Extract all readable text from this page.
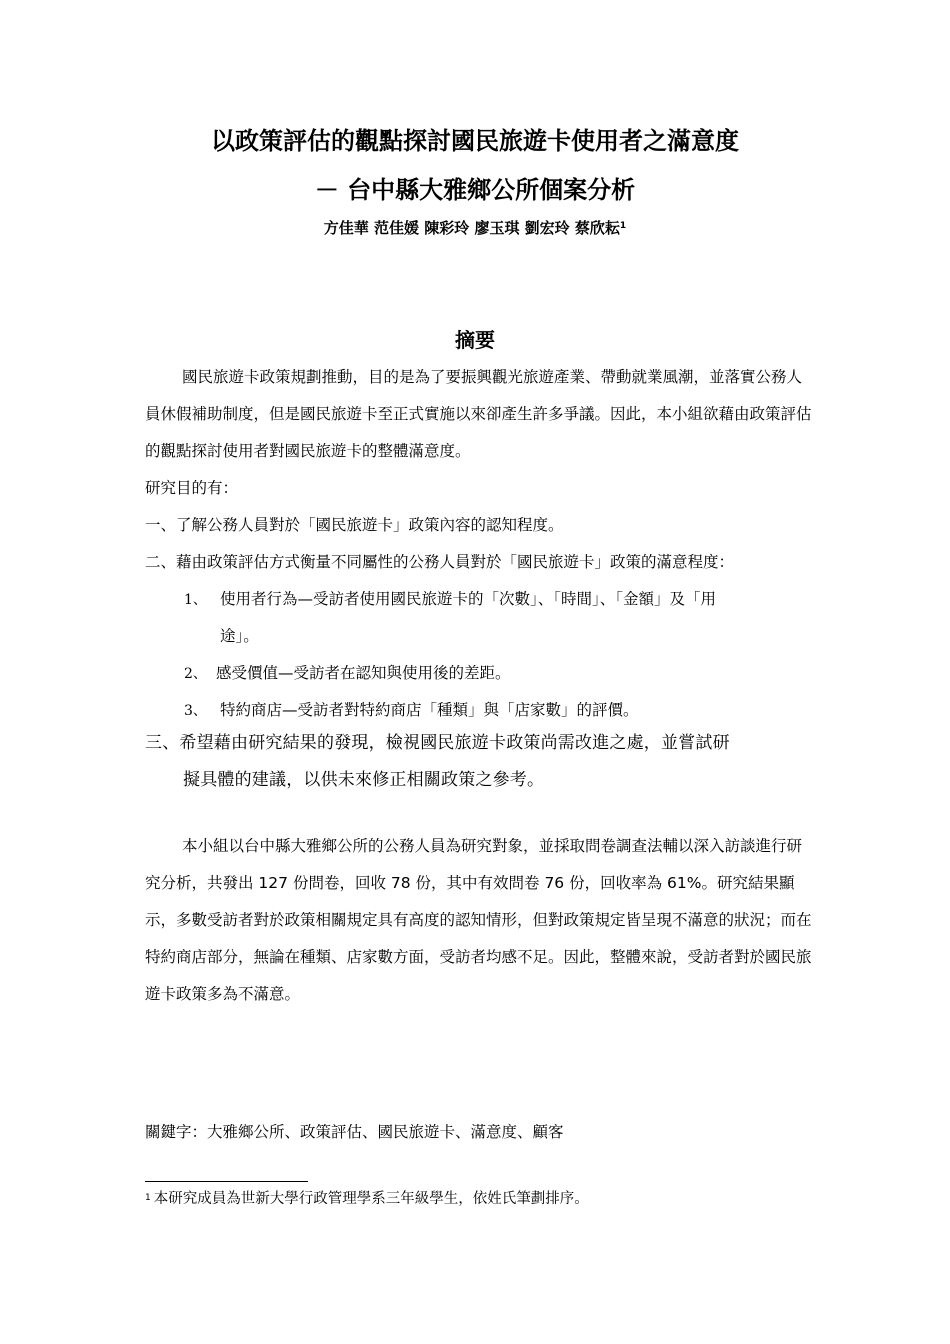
以政策評估的觀點探討國民旅遊卡使用者之滿意度
－ 台中縣大雅鄉公所個案分析
方佳華 范佳媛 陳彩玲 廖玉琪 劉宏玲 蔡欣耘$^1$
摘要
國民旅遊卡政策規劃推動，目的是為了要振興觀光旅遊產業、帶動就業風潮，並落實公務人員休假補助制度，但是國民旅遊卡至正式實施以來卻產生許多爭議。因此，本小組欲藉由政策評估的觀點探討使用者對國民旅遊卡的整體滿意度。
研究目的有：
一、了解公務人員對於「國民旅遊卡」政策內容的認知程度。
二、藉由政策評估方式衡量不同屬性的公務人員對於「國民旅遊卡」政策的滿意程度：
1、 使用者行為—受訪者使用國民旅遊卡的「次數」、「時間」、「金額」及「用
途」。
2、 感受價值—受訪者在認知與使用後的差距。
3、 特約商店—受訪者對特約商店「種類」與「店家數」的評價。
三、希望藉由研究結果的發現，檢視國民旅遊卡政策尚需改進之處，並嘗試研
擬具體的建議，以供未來修正相關政策之參考。
本小組以台中縣大雅鄉公所的公務人員為研究對象，並採取問卷調查法輔以深入訪談進行研究分析，共發出 127 份問卷，回收 78 份，其中有效問卷 76 份，回收率為 61%。研究結果顯示，多數受訪者對於政策相關規定具有高度的認知情形，但對政策規定皆呈現不滿意的狀況；而在特約商店部分，無論在種類、店家數方面，受訪者均感不足。因此，整體來說，受訪者對於國民旅遊卡政策多為不滿意。
關鍵字：大雅鄉公所、政策評估、國民旅遊卡、滿意度、顧客
$^1$ 本研究成員為世新大學行政管理學系三年級學生，依姓氏筆劃排序。
